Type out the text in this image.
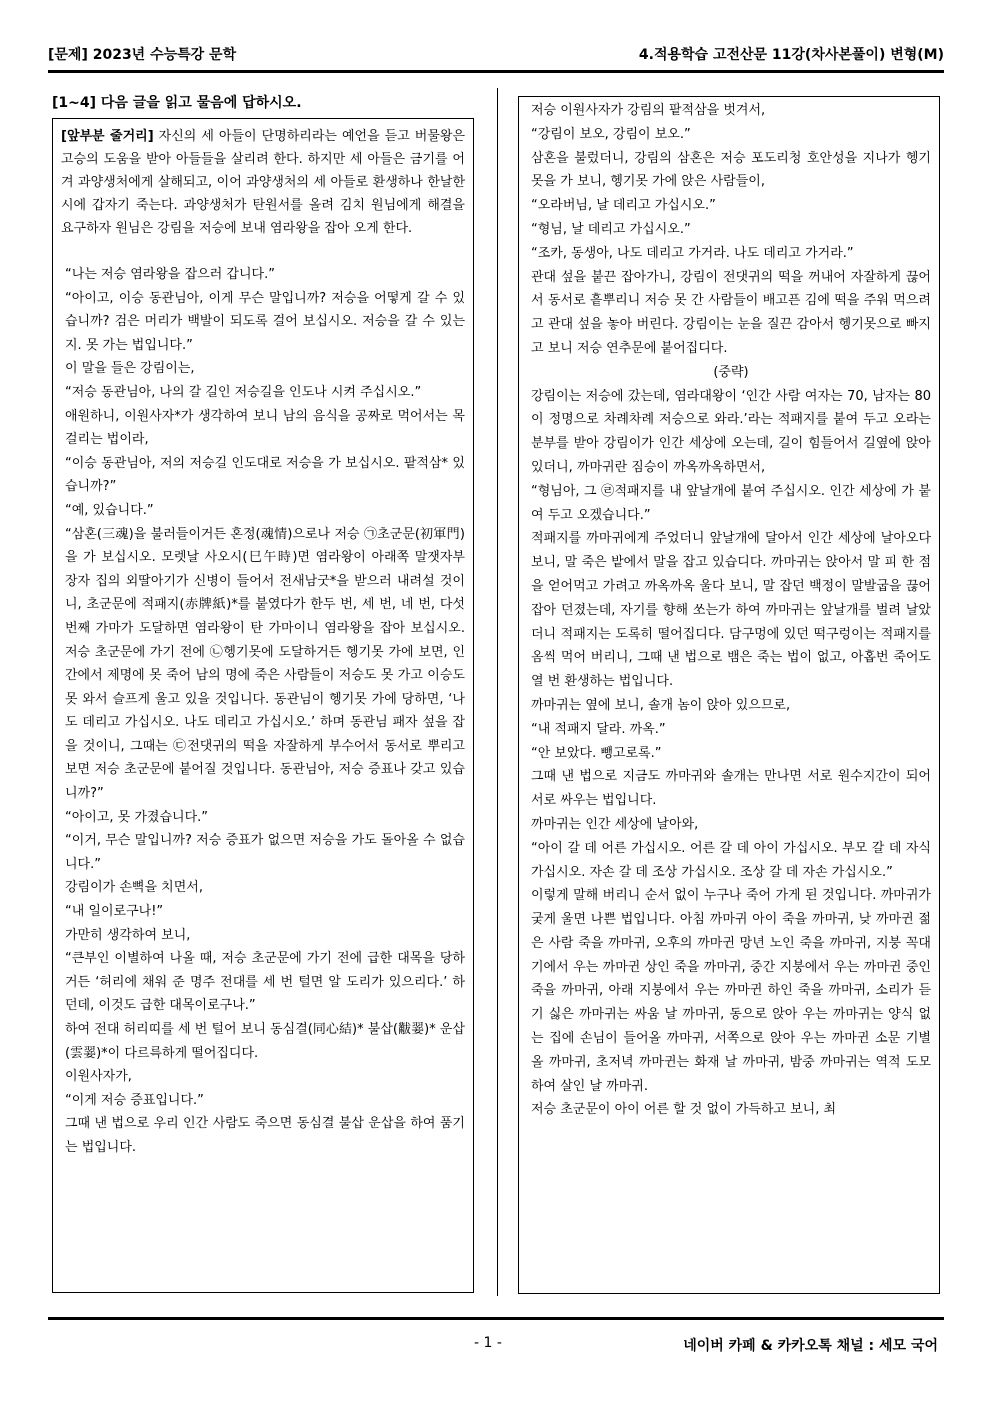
[문제] 2023년 수능특강 문학	4.적용학습 고전산문 11강(차사본풀이) 변형(M)
[1~4] 다음 글을 읽고 물음에 답하시오.
[앞부분 줄거리] 자신의 세 아들이 단명하리라는 예언을 듣고 버물왕은 고승의 도움을 받아 아들들을 살리려 한다. 하지만 세 아들은 금기를 어겨 과양생처에게 살해되고, 이어 과양생처의 세 아들로 환생하나 한날한시에 갑자기 죽는다. 과양생처가 탄원서를 올려 김치 원님에게 해결을 요구하자 원님은 강림을 저승에 보내 염라왕을 잡아 오게 한다.

“나는 저승 염라왕을 잡으러 갑니다.”

“아이고, 이승 동관님아, 이게 무슨 말입니까? 저승을 어떻게 갈 수 있습니까? 검은 머리가 백발이 되도록 걸어 보십시오. 저승을 갈 수 있는지. 못 가는 법입니다.”

이 말을 들은 강림이는,

“저승 동관님아, 나의 갈 길인 저승길을 인도나 시켜 주십시오.”

애원하니, 이원사자*가 생각하여 보니 남의 음식을 공짜로 먹어서는 목 걸리는 법이라,

“이승 동관님아, 저의 저승길 인도대로 저승을 가 보십시오. 팥적삼* 있습니까?”

“예, 있습니다.”

“삼혼(三魂)을 불러들이거든 혼정(魂情)으로나 저승 ㉠초군문(初軍門)을 가 보십시오. 모렛날 사오시(巳午時)면 염라왕이 아래쪽 말잿자부 장자 집의 외딸아기가 신병이 들어서 전새남굿*을 받으러 내려설 것이니, 초군문에 적패지(赤牌紙)*를 붙였다가 한두 번, 세 번, 네 번, 다섯 번째 가마가 도달하면 염라왕이 탄 가마이니 염라왕을 잡아 보십시오. 저승 초군문에 가기 전에 ㉡헹기못에 도달하거든 헹기못 가에 보면, 인간에서 제명에 못 죽어 남의 명에 죽은 사람들이 저승도 못 가고 이승도 못 와서 슬프게 울고 있을 것입니다. 동관님이 헹기못 가에 당하면, ‘나도 데리고 가십시오. 나도 데리고 가십시오.’ 하며 동관님 패자 섶을 잡을 것이니, 그때는 ㉢전댓귀의 떡을 자잘하게 부수어서 동서로 뿌리고 보면 저승 초군문에 붙어질 것입니다. 동관님아, 저승 증표나 갖고 있습니까?”

“아이고, 못 가졌습니다.”

“이거, 무슨 말입니까? 저승 증표가 없으면 저승을 가도 돌아올 수 없습니다.”

강림이가 손뼉을 치면서,

“내 일이로구나!”

가만히 생각하여 보니,

“큰부인 이별하여 나올 때, 저승 초군문에 가기 전에 급한 대목을 당하거든 ‘허리에 채워 준 명주 전대를 세 번 털면 알 도리가 있으리다.’ 하던데, 이것도 급한 대목이로구나.”

하여 전대 허리띠를 세 번 털어 보니 동심결(同心結)* 불삽(黻翣)* 운삽(雲翣)*이 다르륵하게 떨어집디다.

이원사자가,

“이게 저승 증표입니다.”

그때 낸 법으로 우리 인간 사람도 죽으면 동심결 불삽 운삽을 하여 품기는 법입니다.

저승 이원사자가 강림의 팥적삼을 벗겨서,

“강림이 보오, 강림이 보오.”

삼혼을 불렀더니, 강림의 삼혼은 저승 포도리청 호안성을 지나가 헹기못을 가 보니, 헹기못 가에 앉은 사람들이,

“오라버님, 날 데리고 가십시오.”

“형님, 날 데리고 가십시오.”

“조카, 동생아, 나도 데리고 가거라. 나도 데리고 가거라.”

관대 섶을 붙끈 잡아가니, 강림이 전댓귀의 떡을 꺼내어 자잘하게 끊어서 동서로 흩뿌리니 저승 못 간 사람들이 배고픈 김에 떡을 주워 먹으려고 관대 섶을 놓아 버린다. 강림이는 눈을 질끈 감아서 헹기못으로 빠지고 보니 저승 연추문에 붙어집디다.

(중략)

강림이는 저승에 갔는데, 염라대왕이 ‘인간 사람 여자는 70, 남자는 80이 정명으로 차례차례 저승으로 와라.’라는 적패지를 붙여 두고 오라는 분부를 받아 강림이가 인간 세상에 오는데, 길이 힘들어서 길옆에 앉아있더니, 까마귀란 짐승이 까옥까옥하면서,

“형님아, 그 ㉣적패지를 내 앞날개에 붙여 주십시오. 인간 세상에 가 붙여 두고 오겠습니다.”

적패지를 까마귀에게 주었더니 앞날개에 달아서 인간 세상에 날아오다 보니, 말 죽은 밭에서 말을 잡고 있습디다. 까마귀는 앉아서 말 피 한 점을 얻어먹고 가려고 까옥까옥 울다 보니, 말 잡던 백정이 말발굽을 끊어 잡아 던졌는데, 자기를 향해 쏘는가 하여 까마귀는 앞날개를 벌려 날았더니 적패지는 도록히 떨어집디다. 담구멍에 있던 떡구렁이는 적패지를 옴씩 먹어 버리니, 그때 낸 법으로 뱀은 죽는 법이 없고, 아홉번 죽어도 열 번 환생하는 법입니다.

까마귀는 옆에 보니, 솔개 놈이 앉아 있으므로,

“내 적패지 달라. 까옥.”

“안 보았다. 뺑고로록.”

그때 낸 법으로 지금도 까마귀와 솔개는 만나면 서로 원수지간이 되어 서로 싸우는 법입니다.

까마귀는 인간 세상에 날아와,

“아이 갈 데 어른 가십시오. 어른 갈 데 아이 가십시오. 부모 갈 데 자식 가십시오. 자손 갈 데 조상 가십시오. 조상 갈 데 자손 가십시오.”

이렇게 말해 버리니 순서 없이 누구나 죽어 가게 된 것입니다. 까마귀가 궂게 울면 나쁜 법입니다. 아침 까마귀 아이 죽을 까마귀, 낮 까마귄 젊은 사람 죽을 까마귀, 오후의 까마귄 망년 노인 죽을 까마귀, 지붕 꼭대기에서 우는 까마귄 상인 죽을 까마귀, 중간 지붕에서 우는 까마귄 중인 죽을 까마귀, 아래 지붕에서 우는 까마귄 하인 죽을 까마귀, 소리가 듣기 싫은 까마귀는 싸움 날 까마귀, 동으로 앉아 우는 까마귀는 양식 없는 집에 손님이 들어올 까마귀, 서쪽으로 앉아 우는 까마귄 소문 기별 올 까마귀, 초저녁 까마귄는 화재 날 까마귀, 밤중 까마귀는 역적 도모하여 살인 날 까마귀.

저승 초군문이 아이 어른 할 것 없이 가득하고 보니, 최

- 1 -	네이버 카페 & 카카오톡 채널 : 세모 국어
